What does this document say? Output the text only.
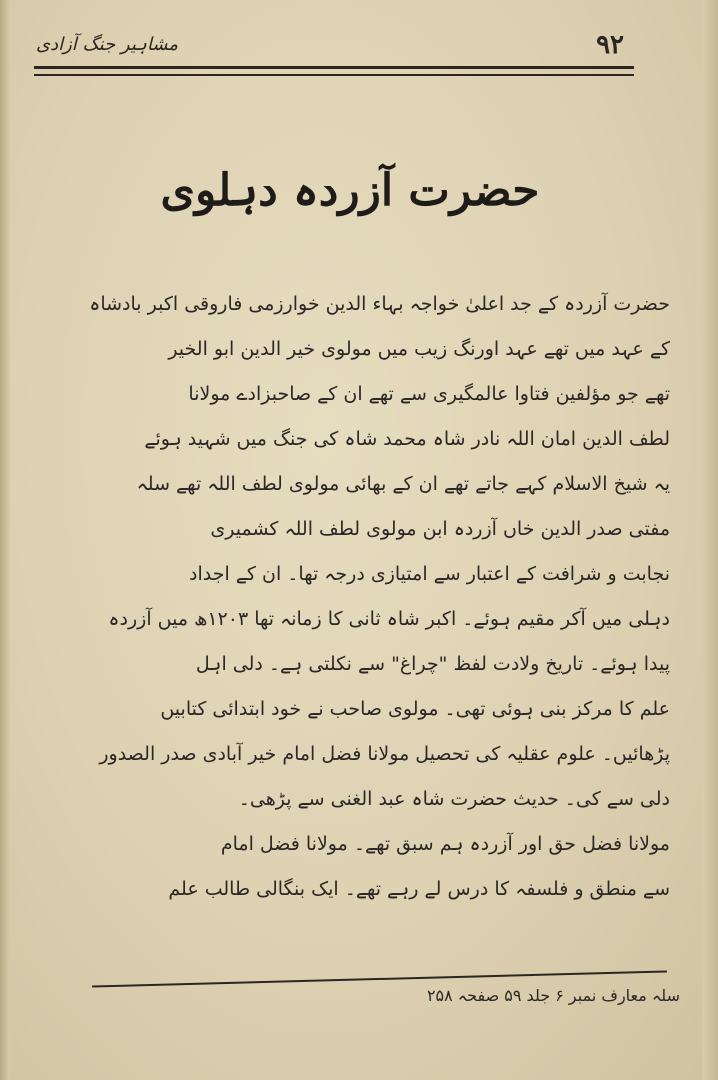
۹۲
مشاہیر جنگ آزادی
حضرت آزردہ دہلوی
حضرت آزردہ کے جد اعلیٰ خواجہ بہاء الدین خوارزمی فاروقی اکبر بادشاہ
کے عہد میں تھے عہد اورنگ زیب میں مولوی خیر الدین ابو الخیر
تھے جو مؤلفین فتاوا عالمگیری سے تھے ان کے صاحبزادے مولانا
لطف الدین امان اللہ نادر شاہ محمد شاہ کی جنگ میں شہید ہوئے
یہ شیخ الاسلام کہے جاتے تھے ان کے بھائی مولوی لطف اللہ تھے سلہ
مفتی صدر الدین خاں آزردہ ابن مولوی لطف اللہ کشمیری
نجابت و شرافت کے اعتبار سے امتیازی درجہ تھا۔ ان کے اجداد
دہلی میں آکر مقیم ہوئے۔ اکبر شاہ ثانی کا زمانہ تھا ۱۲۰۳ھ میں آزردہ
پیدا ہوئے۔ تاریخ ولادت لفظ "چراغ" سے نکلتی ہے۔ دلی اہل
علم کا مرکز بنی ہوئی تھی۔ مولوی صاحب نے خود ابتدائی کتابیں
پڑھائیں۔ علوم عقلیہ کی تحصیل مولانا فضل امام خیر آبادی صدر الصدور
دلی سے کی۔ حدیث حضرت شاہ عبد الغنی سے پڑھی۔
مولانا فضل حق اور آزردہ ہم سبق تھے۔ مولانا فضل امام
سے منطق و فلسفہ کا درس لے رہے تھے۔ ایک بنگالی طالب علم
سلہ معارف نمبر ۶ جلد ۵۹ صفحہ ۲۵۸
